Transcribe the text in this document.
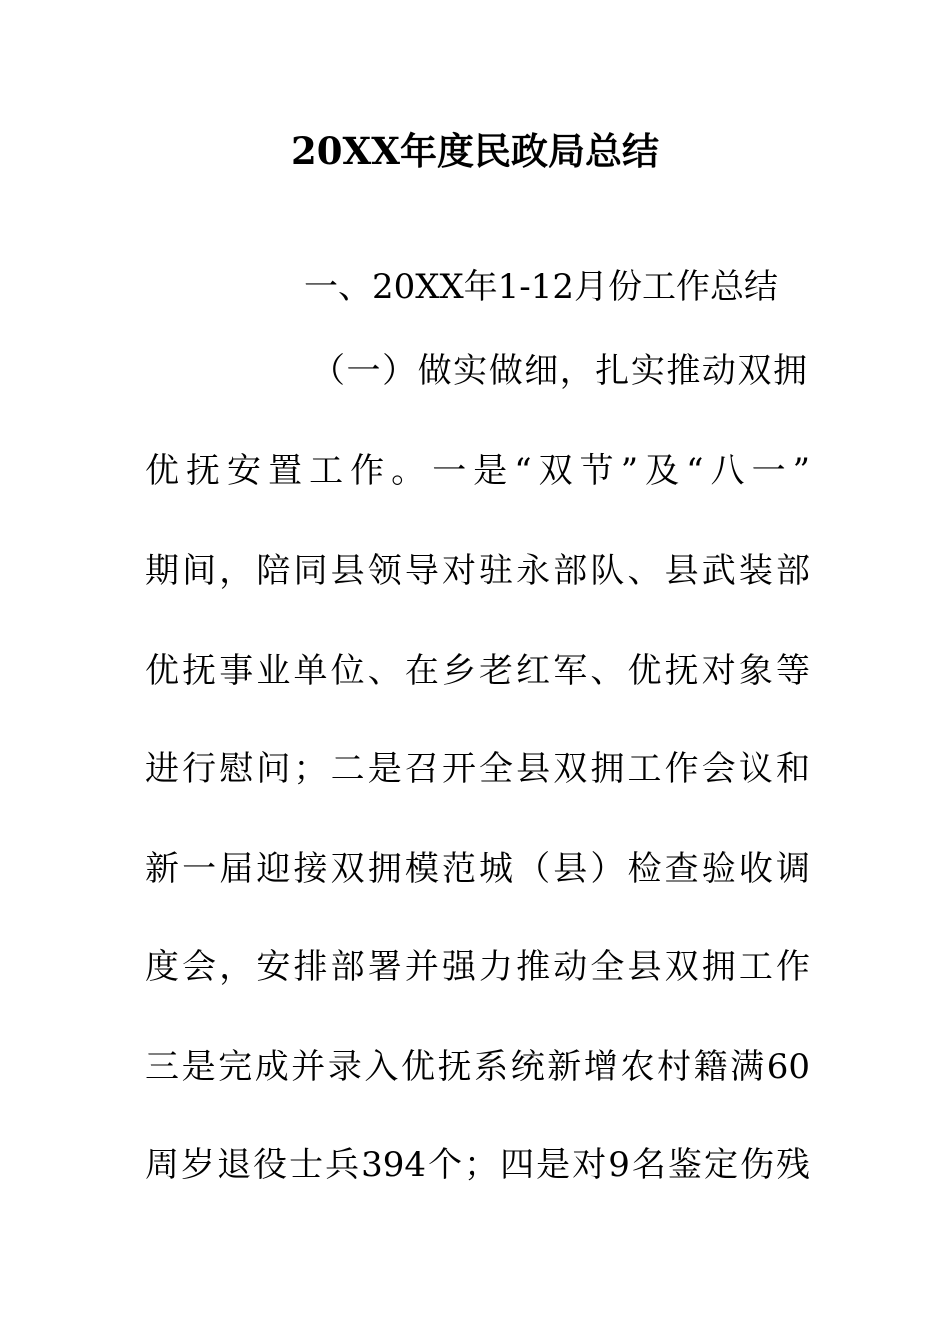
20XX年度民政局总结
一、20XX年1-12月份工作总结
（一）做实做细，扎实推动双拥
优抚安置工作。一是“双节”及“八一”
期间，陪同县领导对驻永部队、县武装部
优抚事业单位、在乡老红军、优抚对象等
进行慰问；二是召开全县双拥工作会议和
新一届迎接双拥模范城（县）检查验收调
度会，安排部署并强力推动全县双拥工作
三是完成并录入优抚系统新增农村籍满60
周岁退役士兵394个；四是对9名鉴定伤残
